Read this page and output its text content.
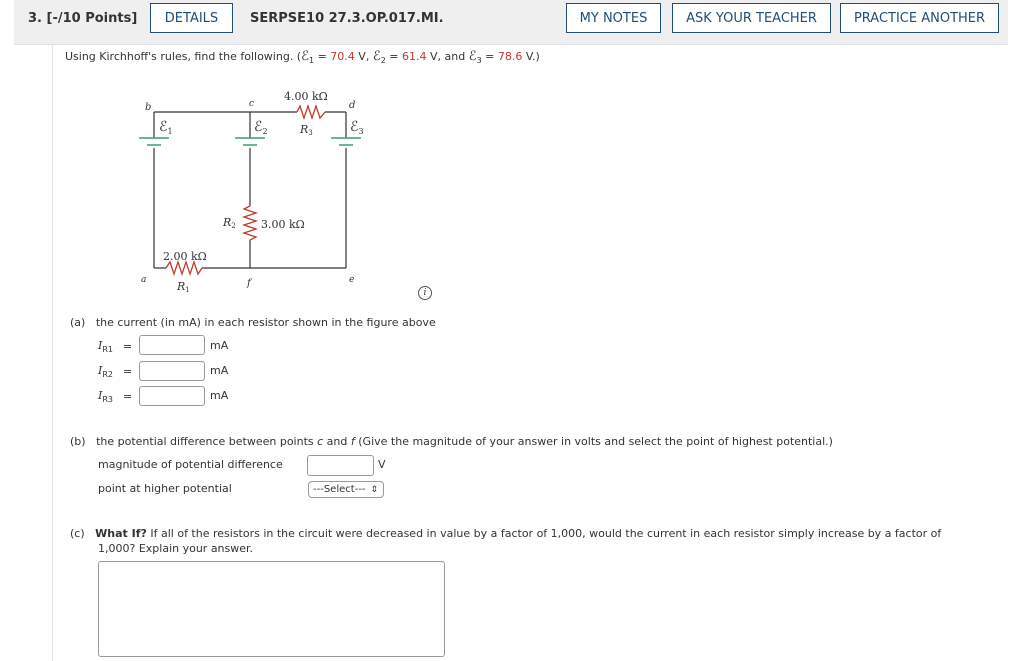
3. [-/10 Points]	DETAILS	SERPSE10 27.3.OP.017.MI.	MY NOTES	ASK YOUR TEACHER	PRACTICE ANOTHER
Using Kirchhoff's rules, find the following. (ℰ$_1$ = 70.4 V, ℰ$_2$ = 61.4 V, and ℰ$_3$ = 78.6 V.)
b	c	d
a	e
f
ℰ$_1$	ℰ$_2$	ℰ$_3$
4.00 kΩ
R3
3.00 kΩ
R2
2.00 kΩ
R1	i
(a) the current (in mA) in each resistor shown in the figure above
$I_{R1}$ =	mA
$I_{R2}$ =	mA
$I_{R3}$ =	mA
(b) the potential difference between points c and f (Give the magnitude of your answer in volts and select the point of highest potential.)
magnitude of potential difference	V
point at higher potential	---Select--- ⇕
(c) What If? If all of the resistors in the circuit were decreased in value by a factor of 1,000, would the current in each resistor simply increase by a factor of
1,000? Explain your answer.
